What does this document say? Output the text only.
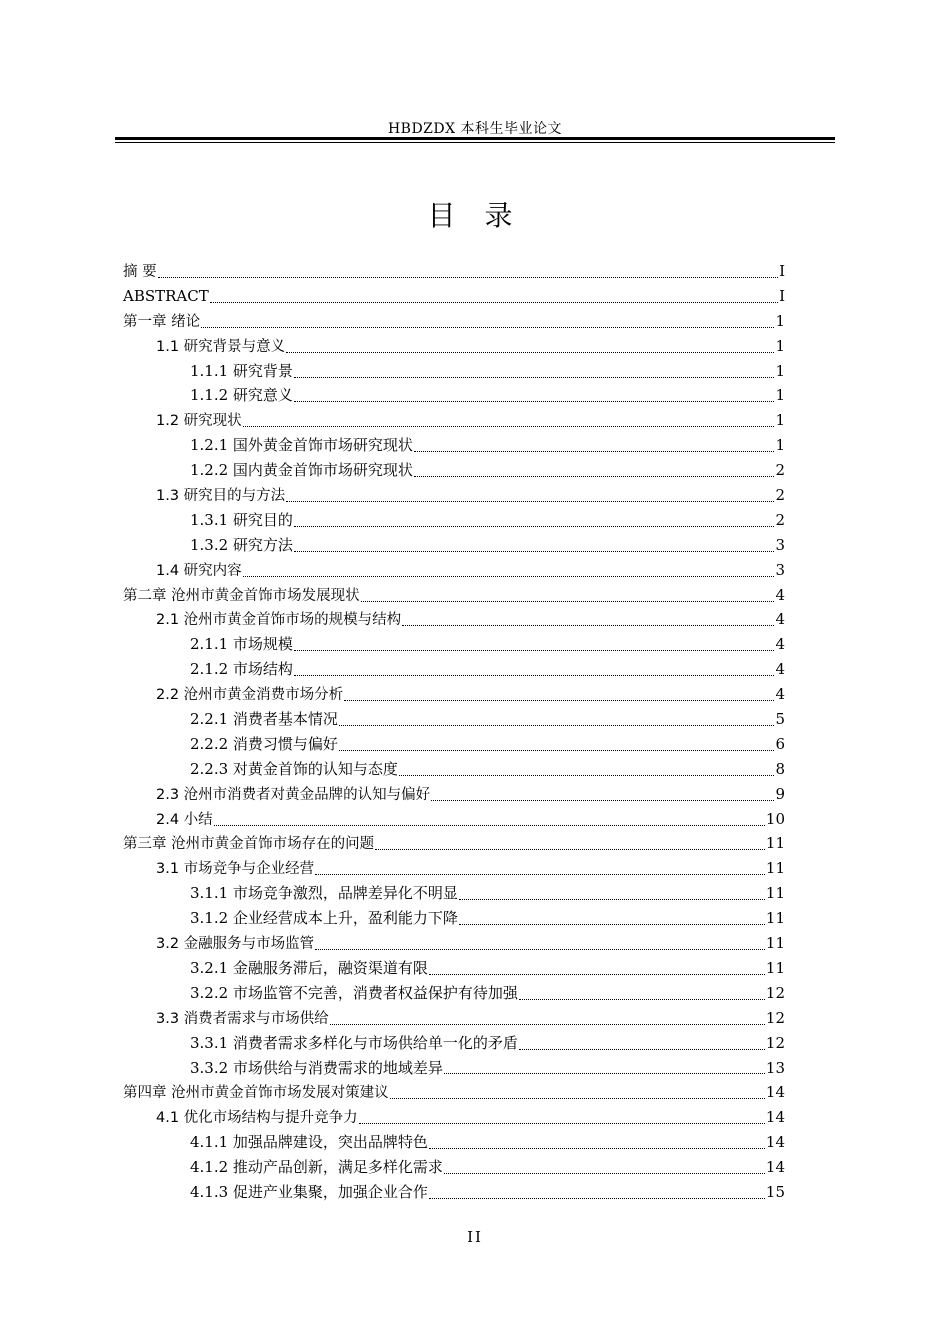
HBDZDX 本科生毕业论文
目 录
摘 要	I
ABSTRACT	I
第一章 绪论	1
1.1 研究背景与意义	1
1.1.1 研究背景	1
1.1.2 研究意义	1
1.2 研究现状	1
1.2.1 国外黄金首饰市场研究现状	1
1.2.2 国内黄金首饰市场研究现状	2
1.3 研究目的与方法	2
1.3.1 研究目的	2
1.3.2 研究方法	3
1.4 研究内容	3
第二章 沧州市黄金首饰市场发展现状	4
2.1 沧州市黄金首饰市场的规模与结构	4
2.1.1 市场规模	4
2.1.2 市场结构	4
2.2 沧州市黄金消费市场分析	4
2.2.1 消费者基本情况	5
2.2.2 消费习惯与偏好	6
2.2.3 对黄金首饰的认知与态度	8
2.3 沧州市消费者对黄金品牌的认知与偏好	9
2.4 小结	10
第三章 沧州市黄金首饰市场存在的问题	11
3.1 市场竞争与企业经营	11
3.1.1 市场竞争激烈，品牌差异化不明显	11
3.1.2 企业经营成本上升，盈利能力下降	11
3.2 金融服务与市场监管	11
3.2.1 金融服务滞后，融资渠道有限	11
3.2.2 市场监管不完善，消费者权益保护有待加强	12
3.3 消费者需求与市场供给	12
3.3.1 消费者需求多样化与市场供给单一化的矛盾	12
3.3.2 市场供给与消费需求的地域差异	13
第四章 沧州市黄金首饰市场发展对策建议	14
4.1 优化市场结构与提升竞争力	14
4.1.1 加强品牌建设，突出品牌特色	14
4.1.2 推动产品创新，满足多样化需求	14
4.1.3 促进产业集聚，加强企业合作	15
II
